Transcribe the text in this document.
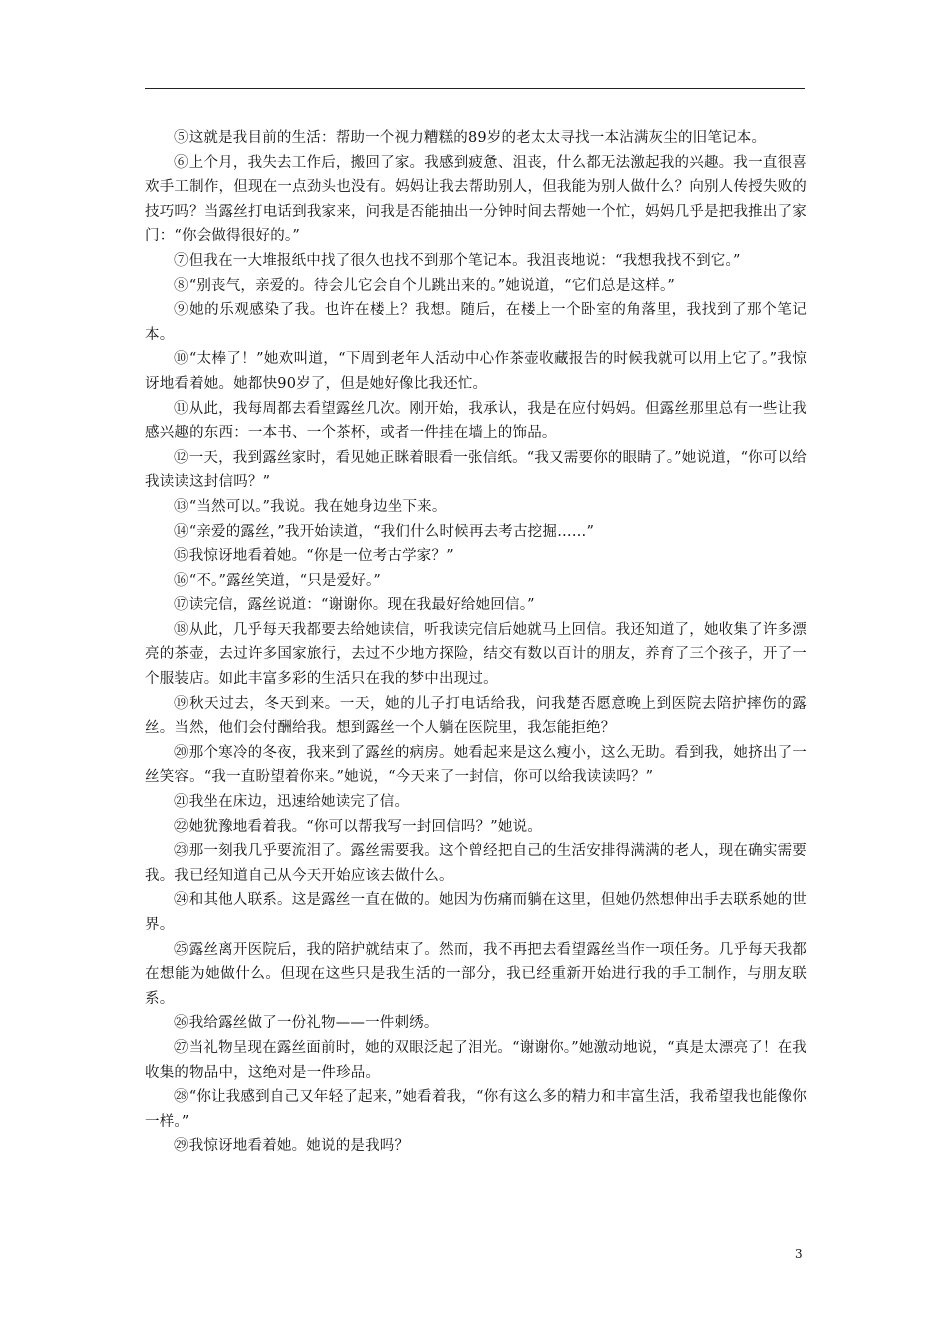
⑤这就是我目前的生活：帮助一个视力糟糕的89岁的老太太寻找一本沾满灰尘的旧笔记本。

⑥上个月，我失去工作后，搬回了家。我感到疲惫、沮丧，什么都无法激起我的兴趣。我一直很喜欢手工制作，但现在一点劲头也没有。妈妈让我去帮助别人，但我能为别人做什么？向别人传授失败的技巧吗？当露丝打电话到我家来，问我是否能抽出一分钟时间去帮她一个忙，妈妈几乎是把我推出了家门：“你会做得很好的。”

⑦但我在一大堆报纸中找了很久也找不到那个笔记本。我沮丧地说：“我想我找不到它。”

⑧“别丧气，亲爱的。待会儿它会自个儿跳出来的。”她说道，“它们总是这样。”

⑨她的乐观感染了我。也许在楼上？我想。随后，在楼上一个卧室的角落里，我找到了那个笔记本。

⑩“太棒了！”她欢叫道，“下周到老年人活动中心作茶壶收藏报告的时候我就可以用上它了。”我惊讶地看着她。她都快90岁了，但是她好像比我还忙。

⑪从此，我每周都去看望露丝几次。刚开始，我承认，我是在应付妈妈。但露丝那里总有一些让我感兴趣的东西：一本书、一个茶杯，或者一件挂在墙上的饰品。

⑫一天，我到露丝家时，看见她正眯着眼看一张信纸。“我又需要你的眼睛了。”她说道，“你可以给我读读这封信吗？”

⑬“当然可以。”我说。我在她身边坐下来。

⑭“亲爱的露丝，”我开始读道，“我们什么时候再去考古挖掘……”

⑮我惊讶地看着她。“你是一位考古学家？”

⑯“不。”露丝笑道，“只是爱好。”

⑰读完信，露丝说道：“谢谢你。现在我最好给她回信。”

⑱从此，几乎每天我都要去给她读信，听我读完信后她就马上回信。我还知道了，她收集了许多漂亮的茶壶，去过许多国家旅行，去过不少地方探险，结交有数以百计的朋友，养育了三个孩子，开了一个服装店。如此丰富多彩的生活只在我的梦中出现过。

⑲秋天过去，冬天到来。一天，她的儿子打电话给我，问我楚否愿意晚上到医院去陪护摔伤的露丝。当然，他们会付酬给我。想到露丝一个人躺在医院里，我怎能拒绝？

⑳那个寒冷的冬夜，我来到了露丝的病房。她看起来是这么瘦小，这么无助。看到我，她挤出了一丝笑容。“我一直盼望着你来。”她说，“今天来了一封信，你可以给我读读吗？”

㉑我坐在床边，迅速给她读完了信。

㉒她犹豫地看着我。“你可以帮我写一封回信吗？”她说。

㉓那一刻我几乎要流泪了。露丝需要我。这个曾经把自己的生活安排得满满的老人，现在确实需要我。我已经知道自己从今天开始应该去做什么。

㉔和其他人联系。这是露丝一直在做的。她因为伤痛而躺在这里，但她仍然想伸出手去联系她的世界。

㉕露丝离开医院后，我的陪护就结束了。然而，我不再把去看望露丝当作一项任务。几乎每天我都在想能为她做什么。但现在这些只是我生活的一部分，我已经重新开始进行我的手工制作，与朋友联系。

㉖我给露丝做了一份礼物——一件刺绣。

㉗当礼物呈现在露丝面前时，她的双眼泛起了泪光。“谢谢你。”她激动地说，“真是太漂亮了！在我收集的物品中，这绝对是一件珍品。

㉘“你让我感到自己又年轻了起来，”她看着我，“你有这么多的精力和丰富生活，我希望我也能像你一样。”

㉙我惊讶地看着她。她说的是我吗？

3
